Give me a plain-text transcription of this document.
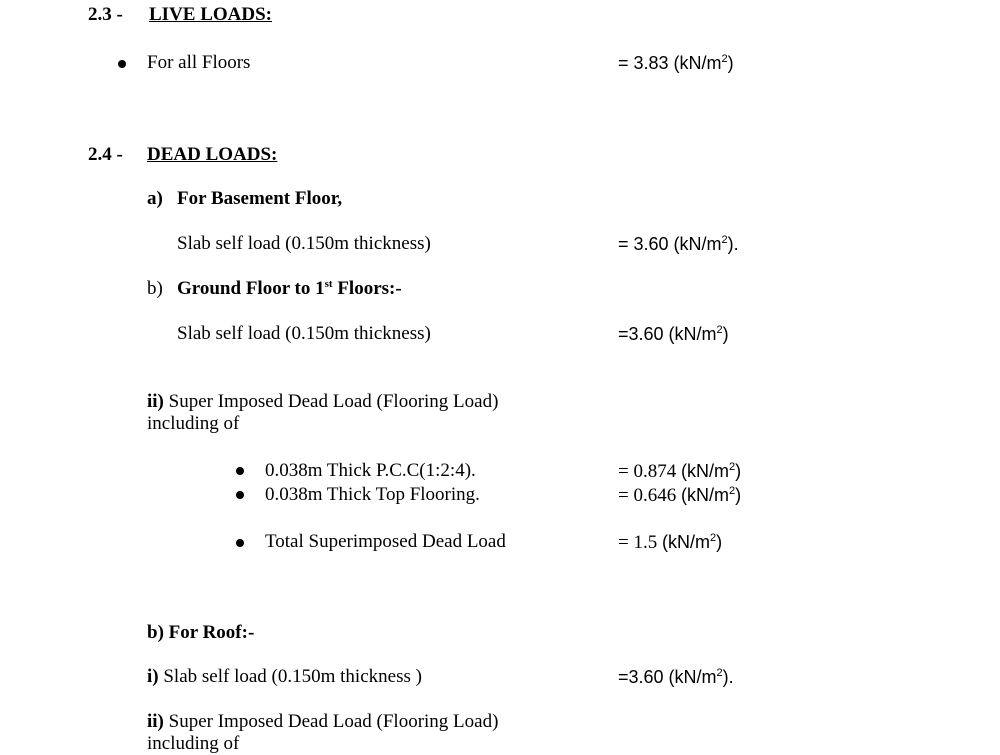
2.3 - LIVE LOADS:
For all Floors	= 3.83 $(kN/m^2)$
2.4 - DEAD LOADS:
a) For Basement Floor,
Slab self load (0.150m thickness)	= 3.60 $(kN/m^2)$.
b) Ground Floor to 1st Floors:-
Slab self load (0.150m thickness)	=3.60 $(kN/m^2)$
ii) Super Imposed Dead Load (Flooring Load)
including of
0.038m Thick P.C.C(1:2:4).	= 0.874 $(kN/m^2)$
0.038m Thick Top Flooring.	= 0.646 $(kN/m^2)$
Total Superimposed Dead Load	= 1.5 $(kN/m^2)$
b) For Roof:-
i) Slab self load (0.150m thickness )	=3.60 $(kN/m^2)$.
ii) Super Imposed Dead Load (Flooring Load)
including of
